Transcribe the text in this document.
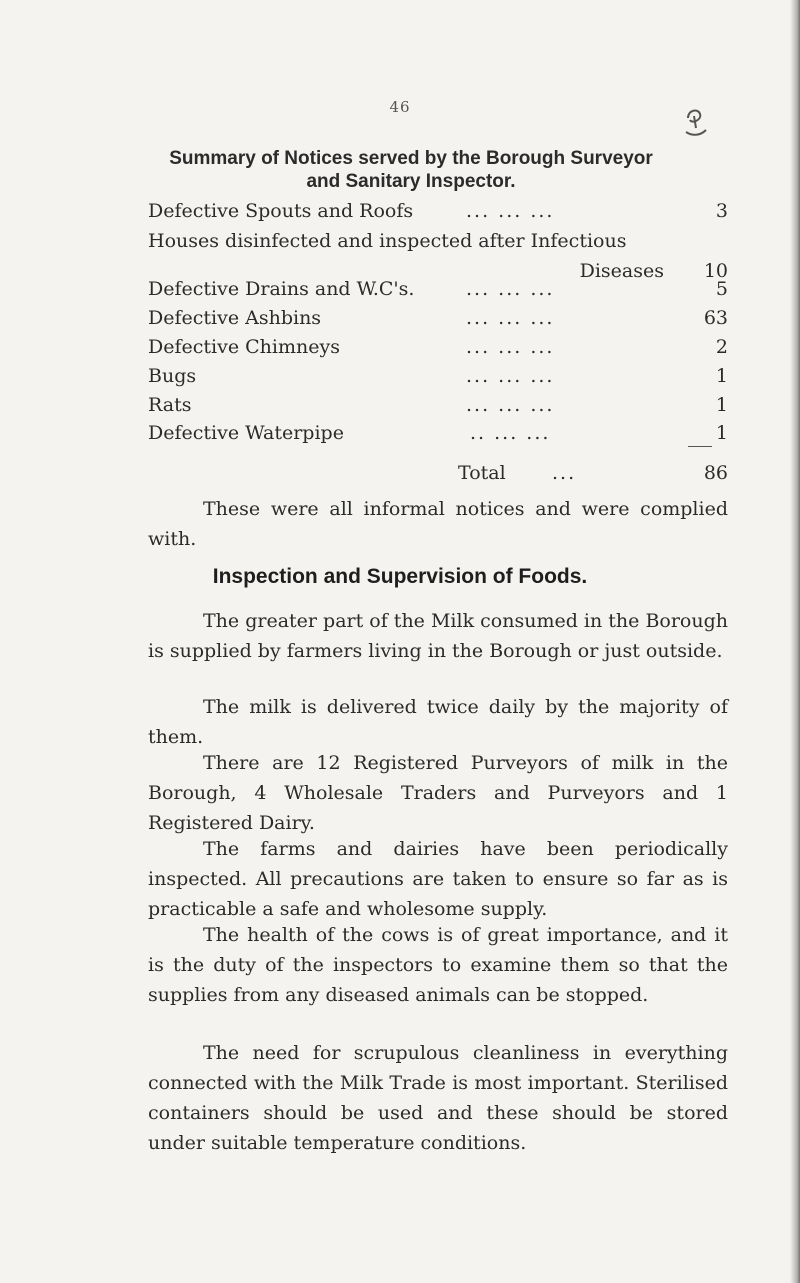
46
Summary of Notices served by the Borough Surveyor
and Sanitary Inspector.
Defective Spouts and Roofs	... ... ...	3
Houses disinfected and inspected after Infectious
Diseases 10
Defective Drains and W.C's.	... ... ...	5
Defective Ashbins	... ... ...	63
Defective Chimneys	... ... ...	2
Bugs	... ... ...	1
Rats	... ... ...	1
Defective Waterpipe	.. ... ...	1
Total ...	86
These were all informal notices and were complied with.
Inspection and Supervision of Foods.
The greater part of the Milk consumed in the Borough is supplied by farmers living in the Borough or just outside.
The milk is delivered twice daily by the majority of them.
There are 12 Registered Purveyors of milk in the Borough, 4 Wholesale Traders and Purveyors and 1 Registered Dairy.
The farms and dairies have been periodically inspected. All precautions are taken to ensure so far as is practicable a safe and wholesome supply.
The health of the cows is of great importance, and it is the duty of the inspectors to examine them so that the supplies from any diseased animals can be stopped.
The need for scrupulous cleanliness in everything connected with the Milk Trade is most important. Sterilised containers should be used and these should be stored under suitable temperature conditions.
